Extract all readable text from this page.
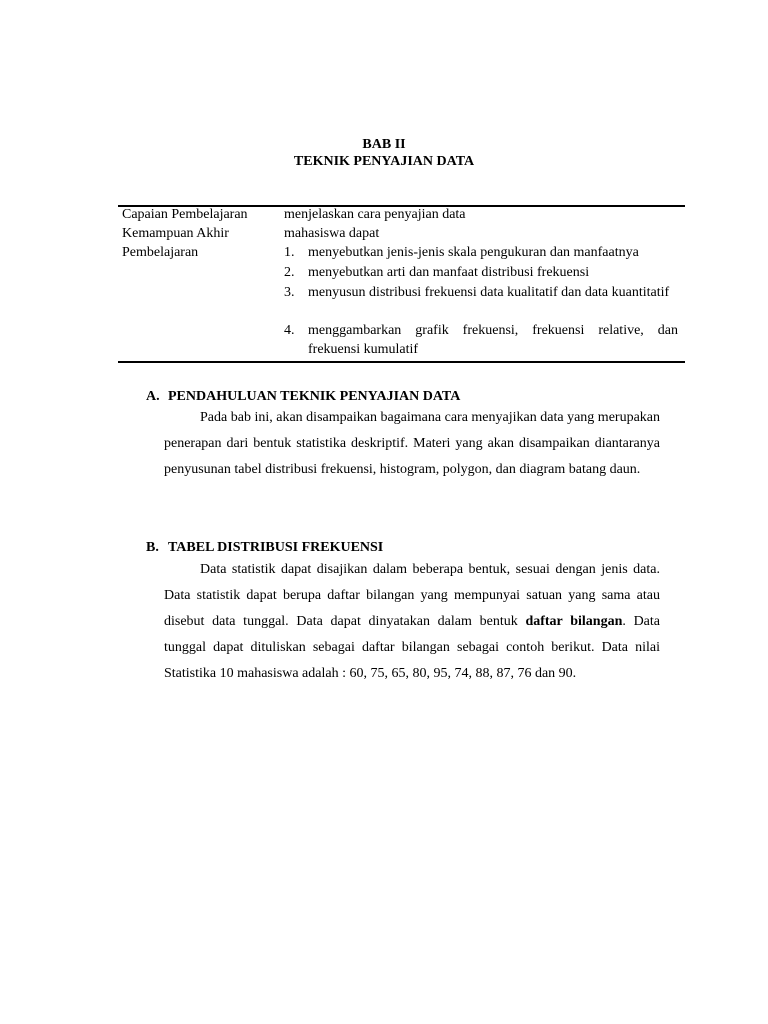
BAB II
TEKNIK PENYAJIAN DATA
Capaian Pembelajaran
Kemampuan Akhir
Pembelajaran
menjelaskan cara penyajian data
mahasiswa dapat
1. menyebutkan jenis-jenis skala pengukuran dan manfaatnya
2. menyebutkan arti dan manfaat distribusi frekuensi
3. menyusun distribusi frekuensi data kualitatif dan data kuantitatif
4. menggambarkan grafik frekuensi, frekuensi relative, dan frekuensi kumulatif
A. PENDAHULUAN TEKNIK PENYAJIAN DATA
Pada bab ini, akan disampaikan bagaimana cara menyajikan data yang merupakan penerapan dari bentuk statistika deskriptif. Materi yang akan disampaikan diantaranya penyusunan tabel distribusi frekuensi, histogram, polygon, dan diagram batang daun.
B. TABEL DISTRIBUSI FREKUENSI
Data statistik dapat disajikan dalam beberapa bentuk, sesuai dengan jenis data. Data statistik dapat berupa daftar bilangan yang mempunyai satuan yang sama atau disebut data tunggal. Data dapat dinyatakan dalam bentuk daftar bilangan. Data tunggal dapat dituliskan sebagai daftar bilangan sebagai contoh berikut. Data nilai Statistika 10 mahasiswa adalah : 60, 75, 65, 80, 95, 74, 88, 87, 76 dan 90.
